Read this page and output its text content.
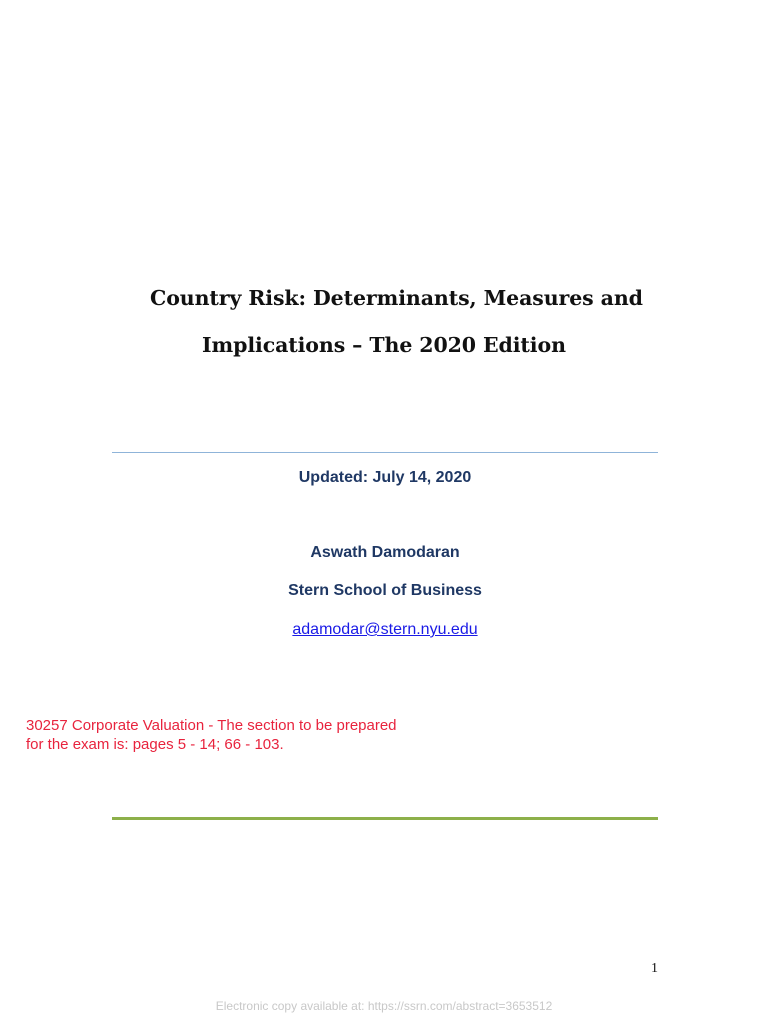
Country Risk: Determinants, Measures and
Implications – The 2020 Edition
Updated: July 14, 2020
Aswath Damodaran
Stern School of Business
adamodar@stern.nyu.edu
30257 Corporate Valuation - The section to be prepared
for the exam is: pages 5 - 14; 66 - 103.
1
Electronic copy available at: https://ssrn.com/abstract=3653512
